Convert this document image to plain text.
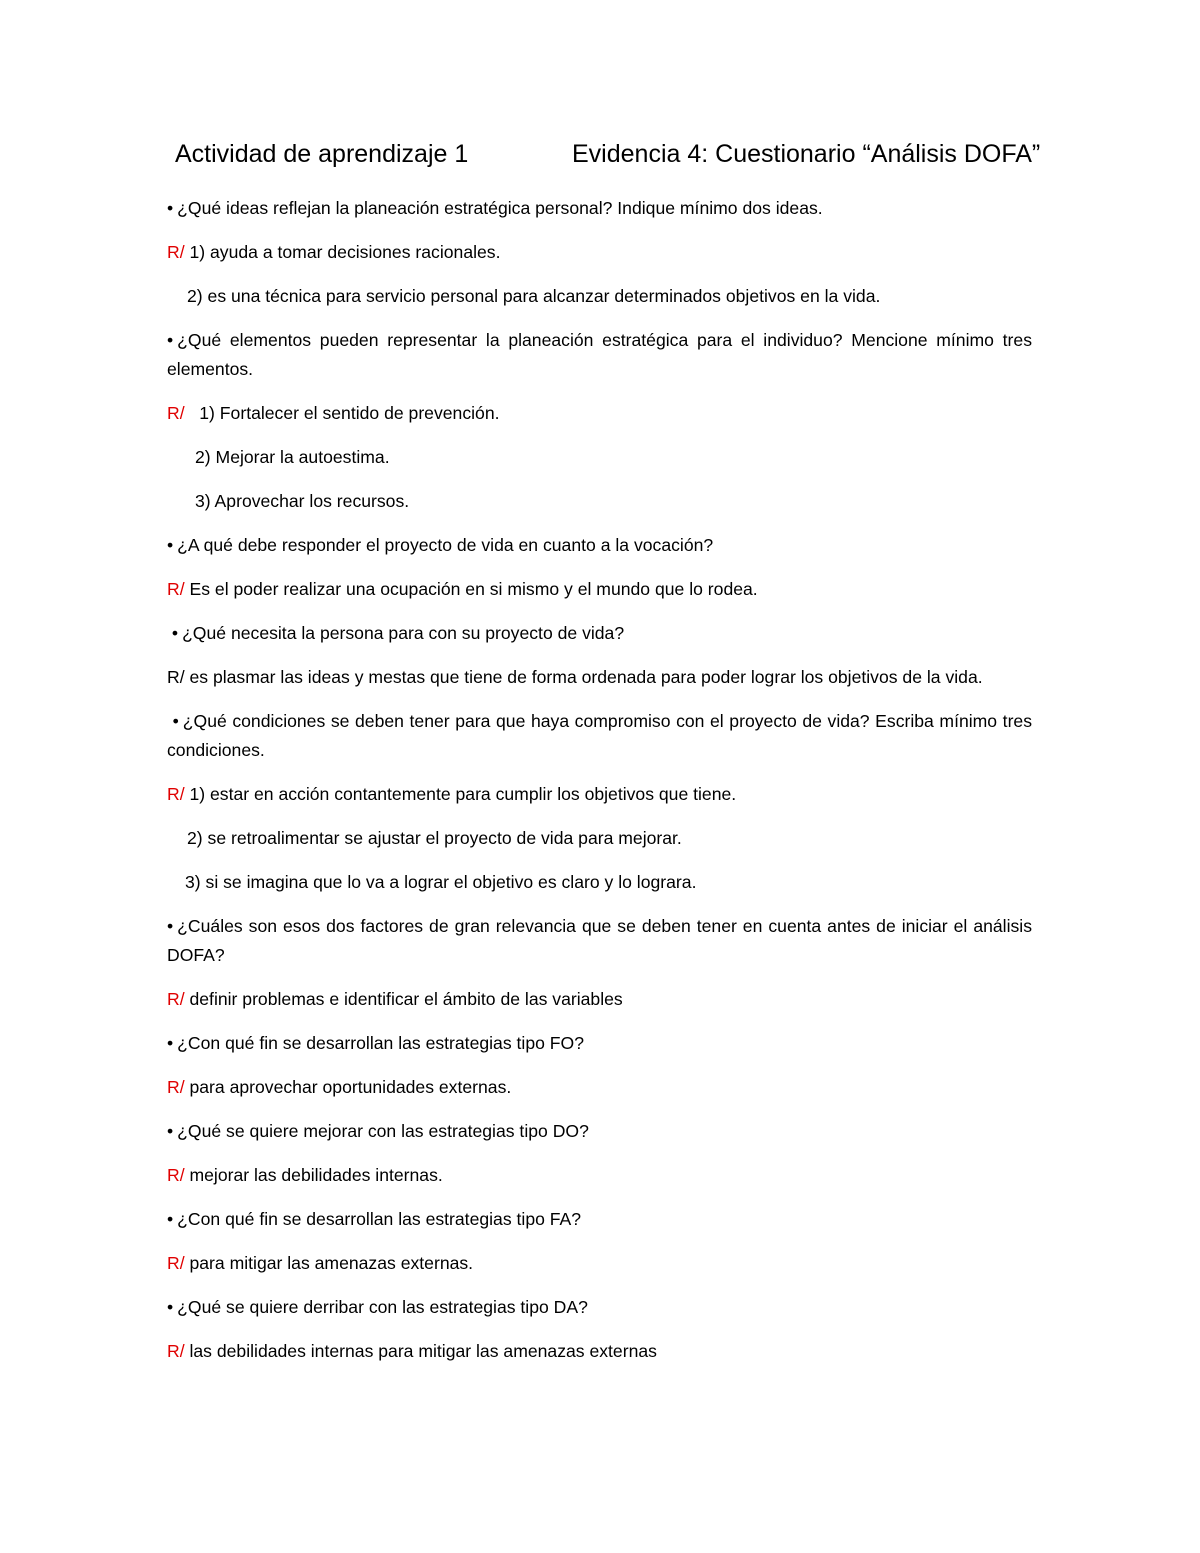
Actividad de aprendizaje 1	Evidencia 4: Cuestionario “Análisis DOFA”
• ¿Qué ideas reflejan la planeación estratégica personal? Indique mínimo dos ideas.
R/ 1) ayuda a tomar decisiones racionales.
2) es una técnica para servicio personal para alcanzar determinados objetivos en la vida.
• ¿Qué elementos pueden representar la planeación estratégica para el individuo? Mencione mínimo tres elementos.
R/ 1) Fortalecer el sentido de prevención.
2) Mejorar la autoestima.
3) Aprovechar los recursos.
• ¿A qué debe responder el proyecto de vida en cuanto a la vocación?
R/ Es el poder realizar una ocupación en si mismo y el mundo que lo rodea.
• ¿Qué necesita la persona para con su proyecto de vida?
R/ es plasmar las ideas y mestas que tiene de forma ordenada para poder lograr los objetivos de la vida.
• ¿Qué condiciones se deben tener para que haya compromiso con el proyecto de vida? Escriba mínimo tres condiciones.
R/ 1) estar en acción contantemente para cumplir los objetivos que tiene.
2) se retroalimentar se ajustar el proyecto de vida para mejorar.
3) si se imagina que lo va a lograr el objetivo es claro y lo lograra.
• ¿Cuáles son esos dos factores de gran relevancia que se deben tener en cuenta antes de iniciar el análisis DOFA?
R/ definir problemas e identificar el ámbito de las variables
• ¿Con qué fin se desarrollan las estrategias tipo FO?
R/ para aprovechar oportunidades externas.
• ¿Qué se quiere mejorar con las estrategias tipo DO?
R/ mejorar las debilidades internas.
• ¿Con qué fin se desarrollan las estrategias tipo FA?
R/ para mitigar las amenazas externas.
• ¿Qué se quiere derribar con las estrategias tipo DA?
R/ las debilidades internas para mitigar las amenazas externas
